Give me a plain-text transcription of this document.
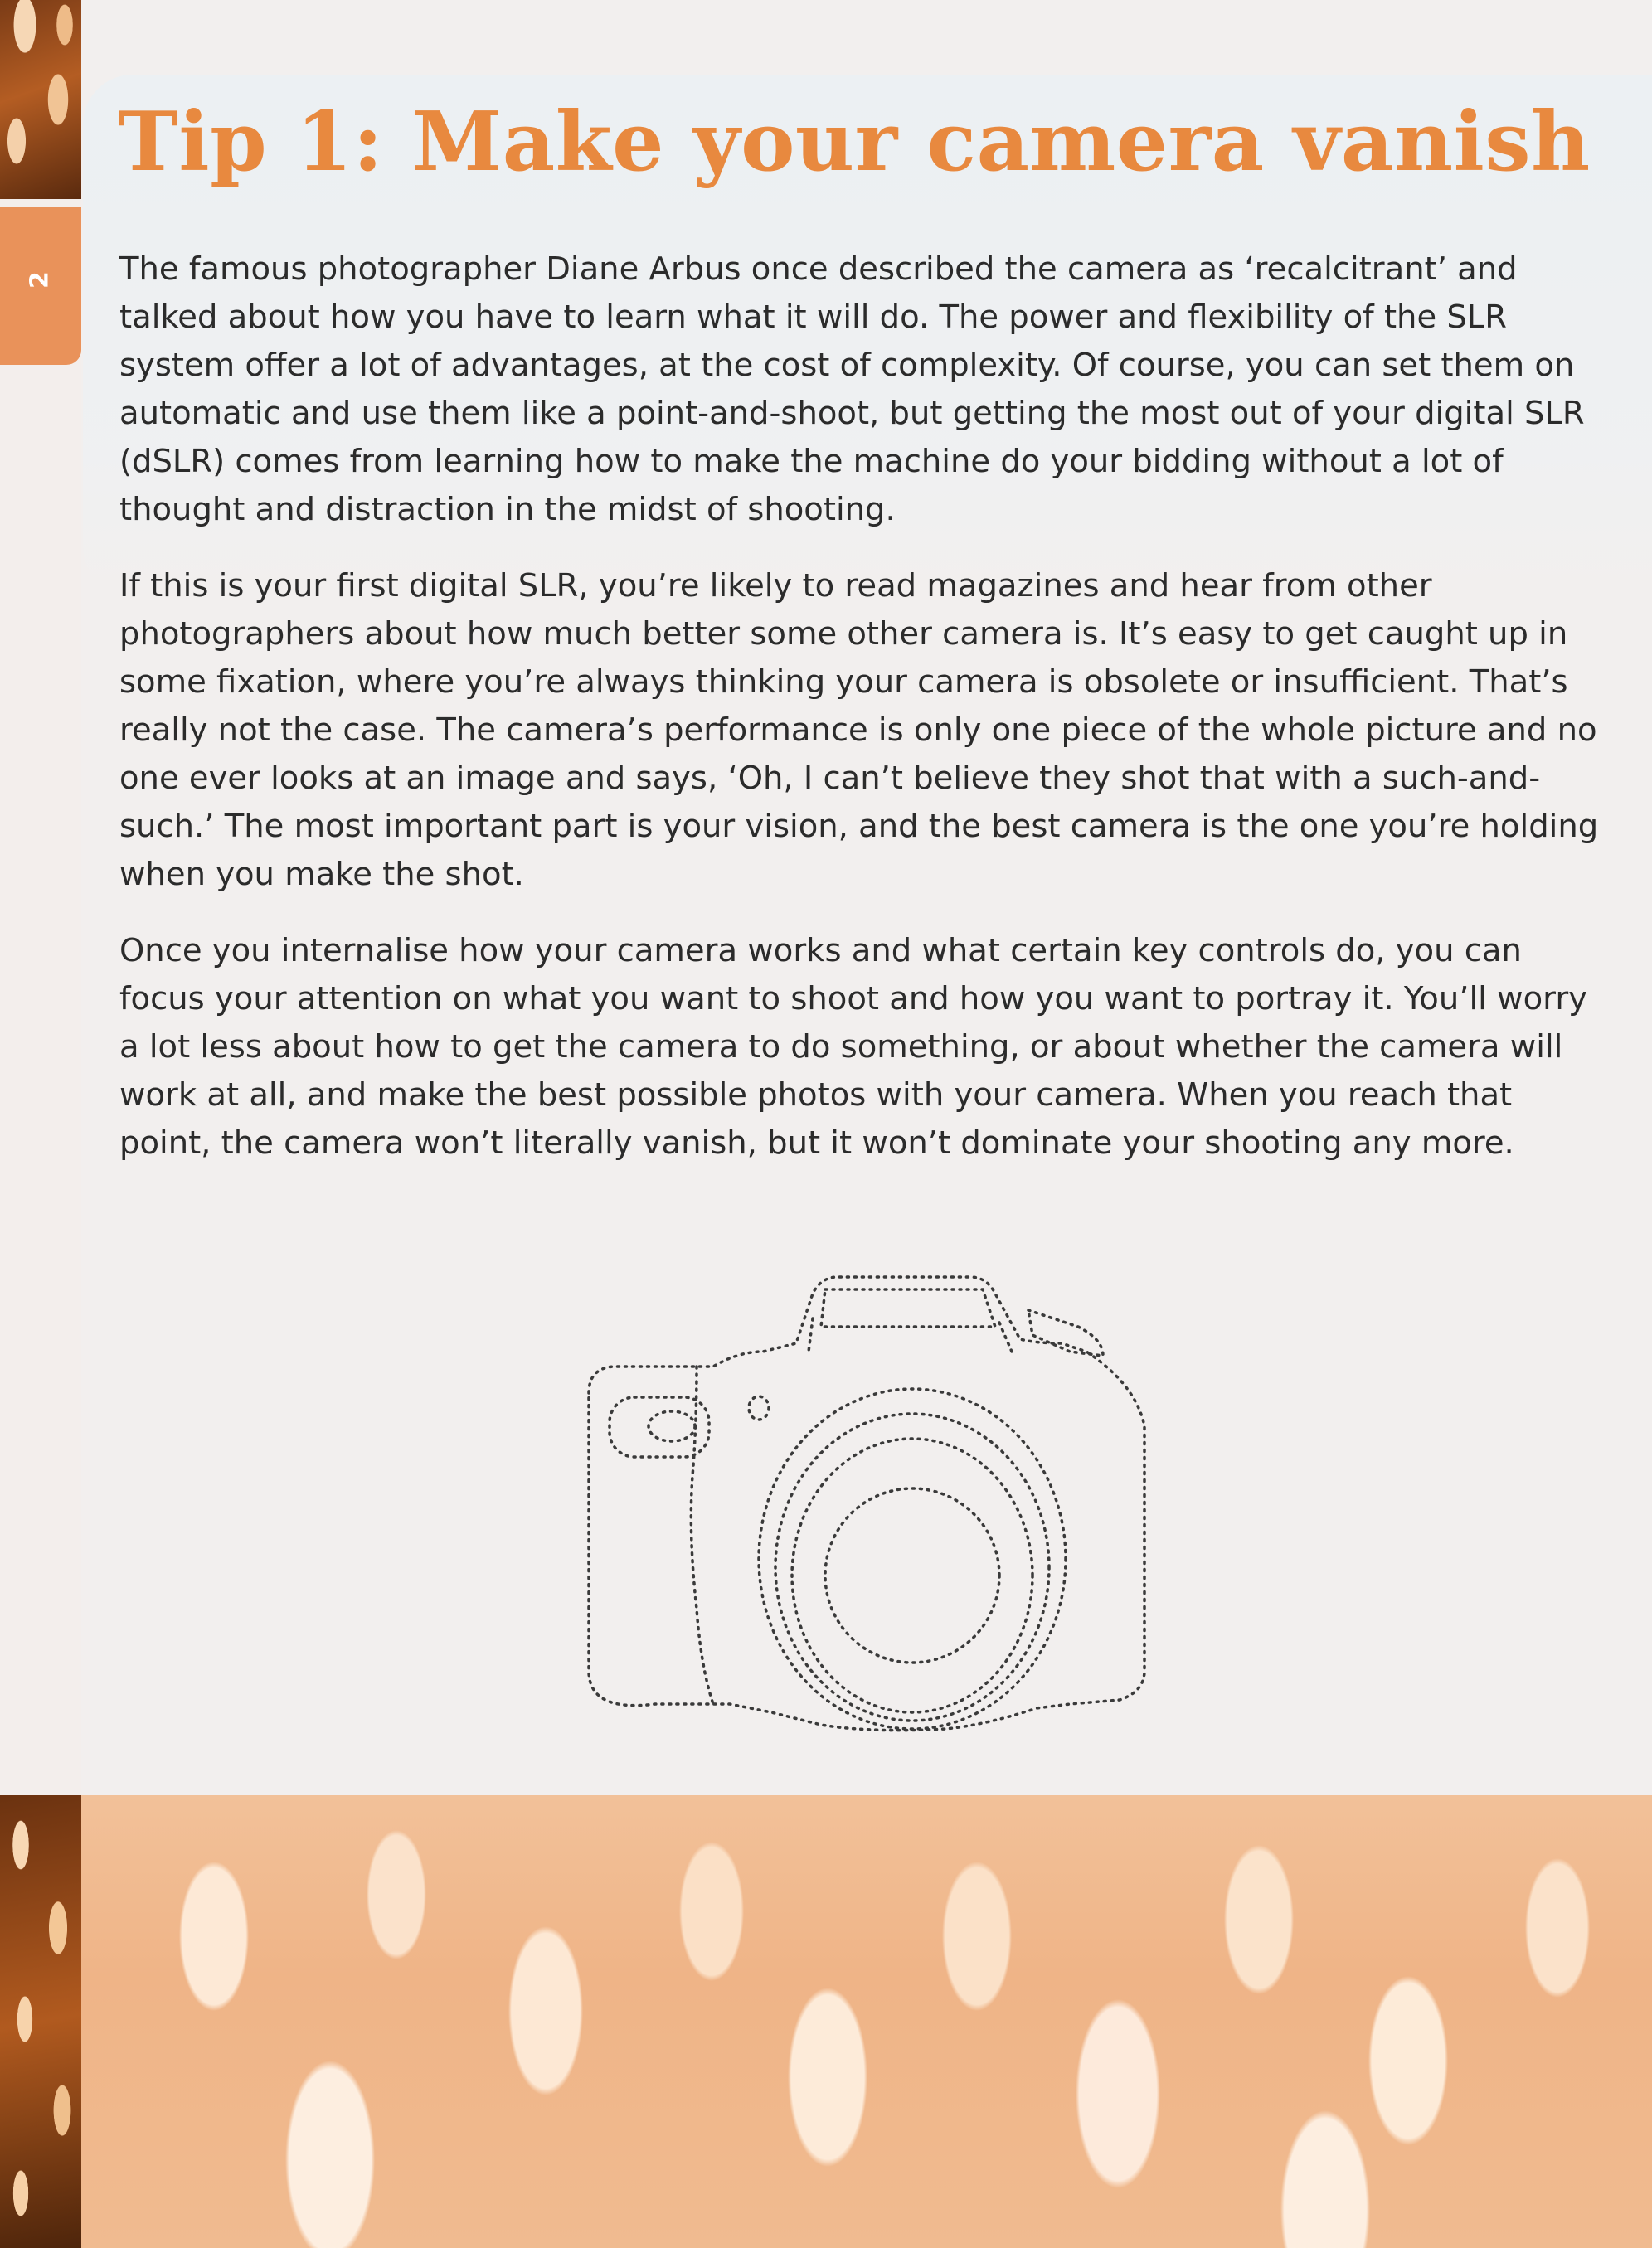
2
Tip 1: Make your camera vanish

The famous photographer Diane Arbus once described the camera as ‘recalcitrant’ and talked about how you have to learn what it will do. The power and flexibility of the SLR system offer a lot of advantages, at the cost of complexity. Of course, you can set them on automatic and use them like a point-and-shoot, but getting the most out of your digital SLR (dSLR) comes from learning how to make the machine do your bidding without a lot of thought and distraction in the midst of shooting.

If this is your first digital SLR, you’re likely to read magazines and hear from other photographers about how much better some other camera is. It’s easy to get caught up in some fixation, where you’re always thinking your camera is obsolete or insufficient. That’s really not the case. The camera’s performance is only one piece of the whole picture and no one ever looks at an image and says, ‘Oh, I can’t believe they shot that with a such-and-such.’ The most important part is your vision, and the best camera is the one you’re holding when you make the shot.

Once you internalise how your camera works and what certain key controls do, you can focus your attention on what you want to shoot and how you want to portray it. You’ll worry a lot less about how to get the camera to do something, or about whether the camera will work at all, and make the best possible photos with your camera. When you reach that point, the camera won’t literally vanish, but it won’t dominate your shooting any more.
